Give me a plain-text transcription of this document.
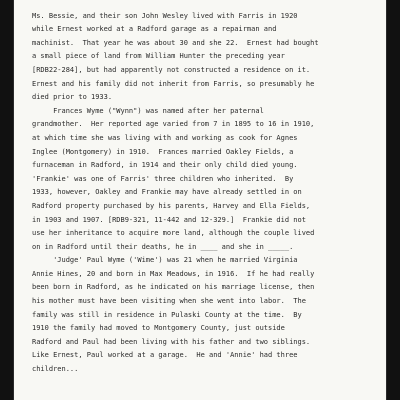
Ms. Bessie, and their son John Wesley lived with Farris in 1920
while Ernest worked at a Radford garage as a repairman and
machinist.  That year he was about 30 and she 22.  Ernest had bought
a small piece of land from William Hunter the preceding year
[RDB22-284], but had apparently not constructed a residence on it.
Ernest and his family did not inherit from Farris, so presumably he
died prior to 1933.
Frances Wyme ("Wynn") was named after her paternal
grandmother.  Her reported age varied from 7 in 1895 to 16 in 1910,
at which time she was living with and working as cook for Agnes
Inglee (Montgomery) in 1910.  Frances married Oakley Fields, a
furnaceman in Radford, in 1914 and their only child died young.
'Frankie' was one of Farris' three children who inherited.  By
1933, however, Oakley and Frankie may have already settled in on
Radford property purchased by his parents, Harvey and Ella Fields,
in 1903 and 1907. [RDB9-321, 11-442 and 12-329.]  Frankie did not
use her inheritance to acquire more land, although the couple lived
on in Radford until their deaths, he in ____ and she in _____.
'Judge' Paul Wyme ('Wime') was 21 when he married Virginia
Annie Hines, 20 and born in Max Meadows, in 1916.  If he had really
been born in Radford, as he indicated on his marriage license, then
his mother must have been visiting when she went into labor.  The
family was still in residence in Pulaski County at the time.  By
1910 the family had moved to Montgomery County, just outside
Radford and Paul had been living with his father and two siblings.
Like Ernest, Paul worked at a garage.  He and 'Annie' had three
children...
